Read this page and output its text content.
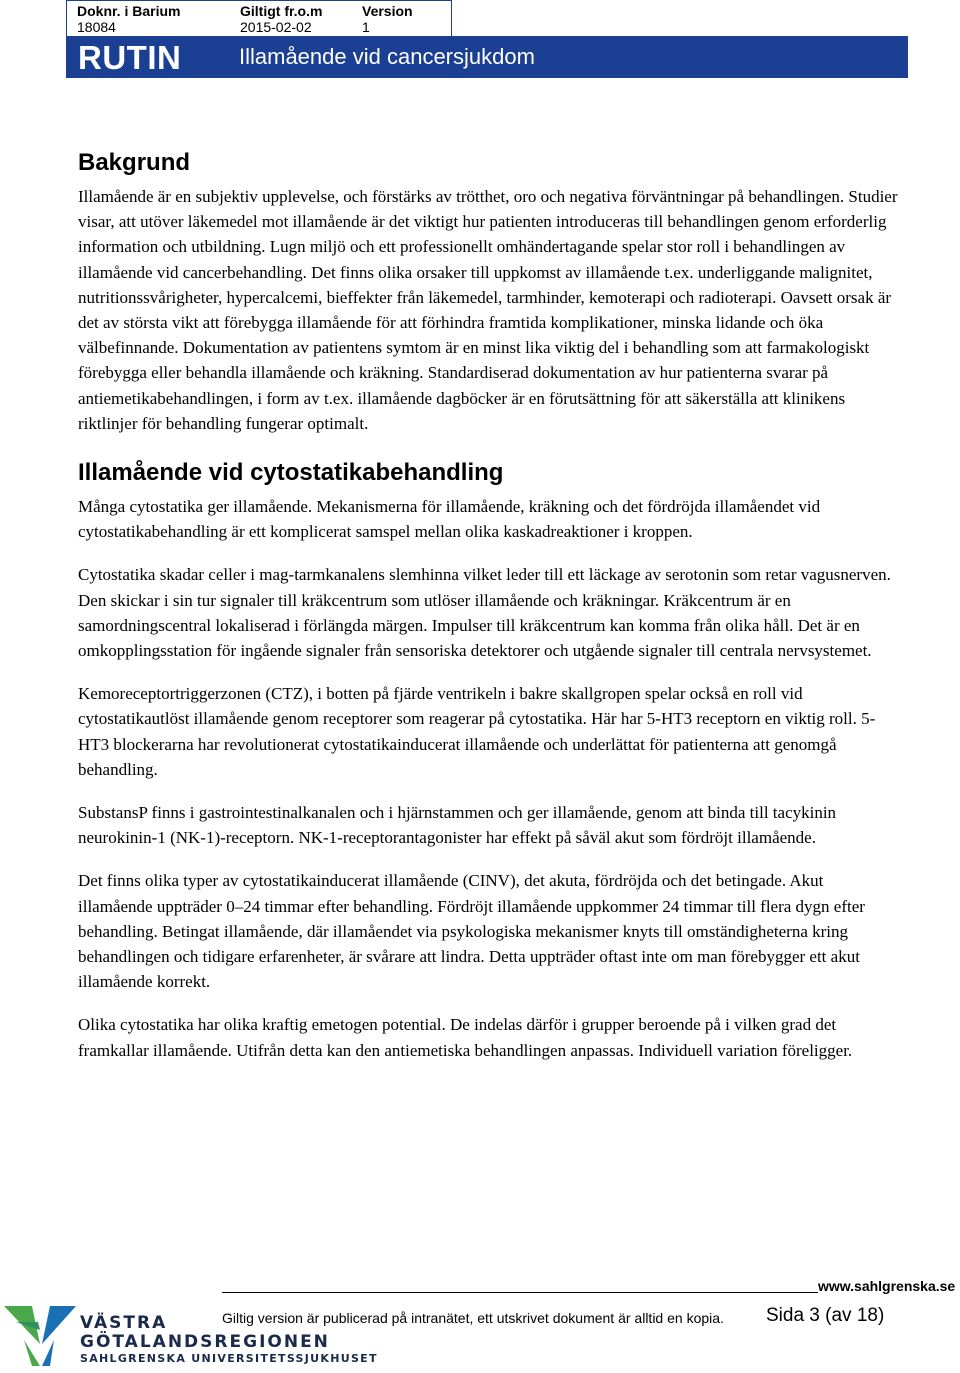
Doknr. i Barium
18084
Giltigt fr.o.m
2015-02-02
Version
1
RUTIN	Illamående vid cancersjukdom
Bakgrund

Illamående är en subjektiv upplevelse, och förstärks av trötthet, oro och negativa förväntningar på behandlingen. Studier visar, att utöver läkemedel mot illamående är det viktigt hur patienten introduceras till behandlingen genom erforderlig information och utbildning. Lugn miljö och ett professionellt omhändertagande spelar stor roll i behandlingen av illamående vid cancerbehandling. Det finns olika orsaker till uppkomst av illamående t.ex. underliggande malignitet, nutritionssvårigheter, hypercalcemi, bieffekter från läkemedel, tarmhinder, kemoterapi och radioterapi. Oavsett orsak är det av största vikt att förebygga illamående för att förhindra framtida komplikationer, minska lidande och öka välbefinnande. Dokumentation av patientens symtom är en minst lika viktig del i behandling som att farmakologiskt förebygga eller behandla illamående och kräkning. Standardiserad dokumentation av hur patienterna svarar på antiemetikabehandlingen, i form av t.ex. illamående dagböcker är en förutsättning för att säkerställa att klinikens riktlinjer för behandling fungerar optimalt.

Illamående vid cytostatikabehandling

Många cytostatika ger illamående. Mekanismerna för illamående, kräkning och det fördröjda illamåendet vid cytostatikabehandling är ett komplicerat samspel mellan olika kaskadreaktioner i kroppen.

Cytostatika skadar celler i mag-tarmkanalens slemhinna vilket leder till ett läckage av serotonin som retar vagusnerven. Den skickar i sin tur signaler till kräkcentrum som utlöser illamående och kräkningar. Kräkcentrum är en samordningscentral lokaliserad i förlängda märgen. Impulser till kräkcentrum kan komma från olika håll. Det är en omkopplingsstation för ingående signaler från sensoriska detektorer och utgående signaler till centrala nervsystemet.

Kemoreceptortriggerzonen (CTZ), i botten på fjärde ventrikeln i bakre skallgropen spelar också en roll vid cytostatikautlöst illamående genom receptorer som reagerar på cytostatika. Här har 5-HT3 receptorn en viktig roll. 5-HT3 blockerarna har revolutionerat cytostatikainducerat illamående och underlättat för patienterna att genomgå behandling.

SubstansP finns i gastrointestinalkanalen och i hjärnstammen och ger illamående, genom att binda till tacykinin neurokinin-1 (NK-1)-receptorn. NK-1-receptorantagonister har effekt på såväl akut som fördröjt illamående.

Det finns olika typer av cytostatikainducerat illamående (CINV), det akuta, fördröjda och det betingade. Akut illamående uppträder 0–24 timmar efter behandling. Fördröjt illamående uppkommer 24 timmar till flera dygn efter behandling. Betingat illamående, där illamåendet via psykologiska mekanismer knyts till omständigheterna kring behandlingen och tidigare erfarenheter, är svårare att lindra. Detta uppträder oftast inte om man förebygger ett akut illamående korrekt.

Olika cytostatika har olika kraftig emetogen potential. De indelas därför i grupper beroende på i vilken grad det framkallar illamående. Utifrån detta kan den antiemetiska behandlingen anpassas. Individuell variation föreligger.

www.sahlgrenska.se
VÄSTRA
GÖTALANDSREGIONEN
SAHLGRENSKA UNIVERSITETSSJUKHUSET
Giltig version är publicerad på intranätet, ett utskrivet dokument är alltid en kopia. Sida 3 (av 18)
